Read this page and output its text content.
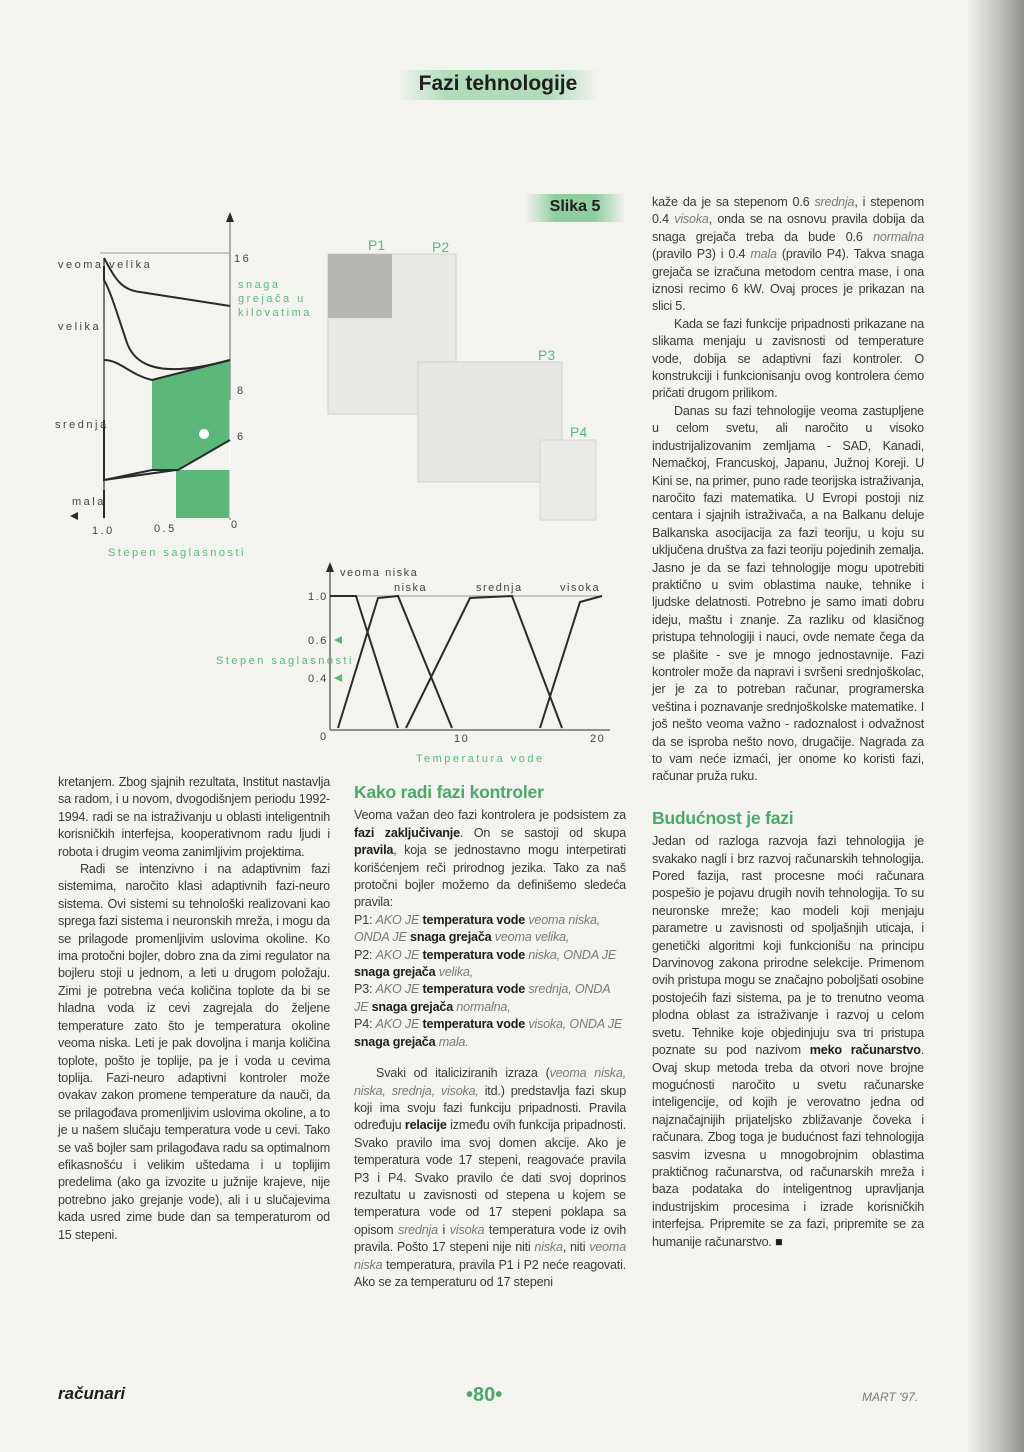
Fazi tehnologije
Slika 5
veoma velika
velika
srednja
mala
1.0	0.5	0
Stepen saglasnosti
16
8
6
snaga grejača u kilovatima
P1	P2
P3
P4
veoma niska
niska	srednja	visoka
1.0
0.6
0.4
0	10	20
Stepen saglasnosti
Temperatura vode

kretanjem. Zbog sjajnih rezultata, Institut nastavlja sa radom, i u novom, dvogodišnjem periodu 1992-1994. radi se na istraživanju u oblasti inteligentnih korisničkih interfejsa, kooperativnom radu ljudi i robota i drugim veoma zanimljivim projektima.

Radi se intenzivno i na adaptivnim fazi sistemima, naročito klasi adaptivnih fazi-neuro sistema. Ovi sistemi su tehnološki realizovani kao sprega fazi sistema i neuronskih mreža, i mogu da se prilagode promenljivim uslovima okoline. Ko ima protočni bojler, dobro zna da zimi regulator na bojleru stoji u jednom, a leti u drugom položaju. Zimi je potrebna veća količina toplote da bi se hladna voda iz cevi zagrejala do željene temperature zato što je temperatura okoline veoma niska. Leti je pak dovoljna i manja količina toplote, pošto je toplije, pa je i voda u cevima toplija. Fazi-neuro adaptivni kontroler može ovakav zakon promene temperature da nauči, da se prilagođava promenljivim uslovima okoline, a to je u našem slučaju temperatura vode u cevi. Tako se vaš bojler sam prilagođava radu sa optimalnom efikasnošću i velikim uštedama i u toplijim predelima (ako ga izvozite u južnije krajeve, nije potrebno jako grejanje vode), ali i u slučajevima kada usred zime bude dan sa temperaturom od 15 stepeni.

Kako radi fazi kontroler

Veoma važan deo fazi kontrolera je podsistem za fazi zaključivanje. On se sastoji od skupa pravila, koja se jednostavno mogu interpetirati korišćenjem reči prirodnog jezika. Tako za naš protočni bojler možemo da definišemo sledeća pravila:

P1: AKO JE temperatura vode veoma niska, ONDA JE snaga grejača veoma velika,

P2: AKO JE temperatura vode niska, ONDA JE snaga grejača velika,

P3: AKO JE temperatura vode srednja, ONDA JE snaga grejača normalna,

P4: AKO JE temperatura vode visoka, ONDA JE snaga grejača mala.

Svaki od italiciziranih izraza (veoma niska, niska, srednja, visoka, itd.) predstavlja fazi skup koji ima svoju fazi funkciju pripadnosti. Pravila određuju relacije između ovih funkcija pripadnosti. Svako pravilo ima svoj domen akcije. Ako je temperatura vode 17 stepeni, reagovaće pravila P3 i P4. Svako pravilo će dati svoj doprinos rezultatu u zavisnosti od stepena u kojem se temperatura vode od 17 stepeni poklapa sa opisom srednja i visoka temperatura vode iz ovih pravila. Pošto 17 stepeni nije niti niska, niti veoma niska temperatura, pravila P1 i P2 neće reagovati. Ako se za temperaturu od 17 stepeni

kaže da je sa stepenom 0.6 srednja, i stepenom 0.4 visoka, onda se na osnovu pravila dobija da snaga grejača treba da bude 0.6 normalna (pravilo P3) i 0.4 mala (pravilo P4). Takva snaga grejača se izračuna metodom centra mase, i ona iznosi recimo 6 kW. Ovaj proces je prikazan na slici 5.

Kada se fazi funkcije pripadnosti prikazane na slikama menjaju u zavisnosti od temperature vode, dobija se adaptivni fazi kontroler. O konstrukciji i funkcionisanju ovog kontrolera ćemo pričati drugom prilikom.

Danas su fazi tehnologije veoma zastupljene u celom svetu, ali naročito u visoko industrijalizovanim zemljama - SAD, Kanadi, Nemačkoj, Francuskoj, Japanu, Južnoj Koreji. U Kini se, na primer, puno rade teorijska istraživanja, naročito fazi matematika. U Evropi postoji niz centara i sjajnih istraživača, a na Balkanu deluje Balkanska asocijacija za fazi teoriju, u koju su uključena društva za fazi teoriju pojedinih zemalja. Jasno je da se fazi tehnologije mogu upotrebiti praktično u svim oblastima nauke, tehnike i ljudske delatnosti. Potrebno je samo imati dobru ideju, maštu i znanje. Za razliku od klasičnog pristupa tehnologiji i nauci, ovde nemate čega da se plašite - sve je mnogo jednostavnije. Fazi kontroler može da napravi i svršeni srednjoškolac, jer je za to potreban računar, programerska veština i poznavanje srednjoškolske matematike. I još nešto veoma važno - radoznalost i odvažnost da se isproba nešto novo, drugačije. Nagrada za to vam neće izmaći, jer onome ko koristi fazi, računar pruža ruku.

Budućnost je fazi

Jedan od razloga razvoja fazi tehnologija je svakako nagli i brz razvoj računarskih tehnologija. Pored fazija, rast procesne moći računara pospešio je pojavu drugih novih tehnologija. To su neuronske mreže; kao modeli koji menjaju parametre u zavisnosti od spoljašnjih uticaja, i genetički algoritmi koji funkcionišu na principu Darvinovog zakona prirodne selekcije. Primenom ovih pristupa mogu se značajno poboljšati osobine postojećih fazi sistema, pa je to trenutno veoma plodna oblast za istraživanje i razvoj u celom svetu. Tehnike koje objedinjuju sva tri pristupa poznate su pod nazivom meko računarstvo. Ovaj skup metoda treba da otvori nove brojne mogućnosti naročito u svetu računarske inteligencije, od kojih je verovatno jedna od najznačajnijih prijateljsko zbližavanje čoveka i računara. Zbog toga je budućnost fazi tehnologija sasvim izvesna u mnogobrojnim oblastima praktičnog računarstva, od računarskih mreža i baza podataka do inteligentnog upravljanja industrijskim procesima i izrade korisničkih interfejsa. Pripremite se za fazi, pripremite se za humanije računarstvo. ■

računari	•80•	MART '97.
